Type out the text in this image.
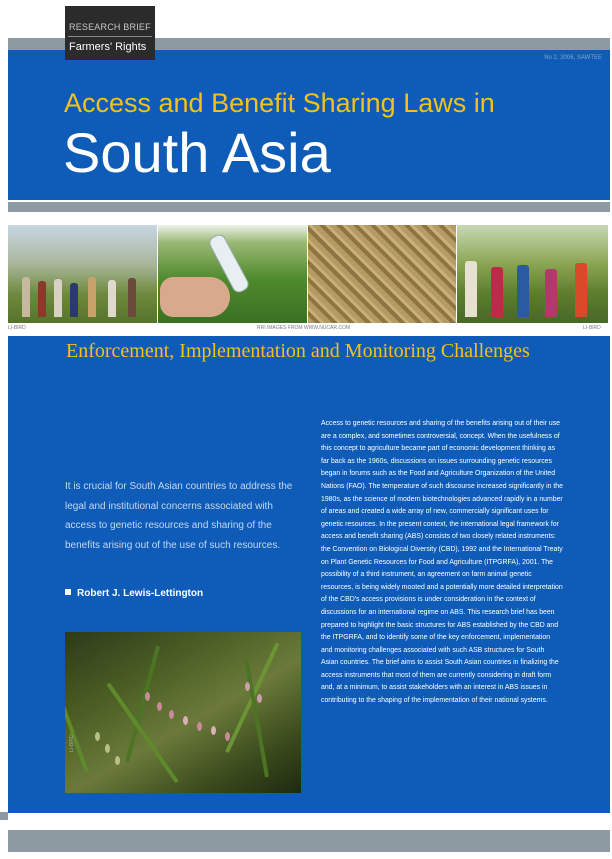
RESEARCH BRIEF
Farmers' Rights
No 2, 2006, SAWTEE
Access and Benefit Sharing Laws in
South Asia
LI-BIRD	RRI IMAGES FROM WWW.NUCAR.COM	LI-BIRD
Enforcement, Implementation and Monitoring Challenges
It is crucial for South Asian countries to address the legal and institutional concerns associated with access to genetic resources and sharing of the benefits arising out of the use of such resources.
Robert J. Lewis-Lettington
LI-BIRD
Access to genetic resources and sharing of the benefits arising out of their use are a complex, and sometimes controversial, concept. When the usefulness of this concept to agriculture became part of economic development thinking as far back as the 1960s, discussions on issues surrounding genetic resources began in forums such as the Food and Agriculture Organization of the United Nations (FAO). The temperature of such discourse increased significantly in the 1980s, as the science of modern biotechnologies advanced rapidly in a number of areas and created a wide array of new, commercially significant uses for genetic resources. In the present context, the international legal framework for access and benefit sharing (ABS) consists of two closely related instruments: the Convention on Biological Diversity (CBD), 1992 and the International Treaty on Plant Genetic Resources for Food and Agriculture (ITPGRFA), 2001. The possibility of a third instrument, an agreement on farm animal genetic resources, is being widely mooted and a potentially more detailed interpretation of the CBD's access provisions is under consideration in the context of discussions for an international regime on ABS. This research brief has been prepared to highlight the basic structures for ABS established by the CBD and the ITPGRFA, and to identify some of the key enforcement, implementation and monitoring challenges associated with such ASB structures for South Asian countries. The brief aims to assist South Asian countries in finalizing the access instruments that most of them are currently considering in draft form and, at a minimum, to assist stakeholders with an interest in ABS issues in contributing to the shaping of the implementation of their national systems.
